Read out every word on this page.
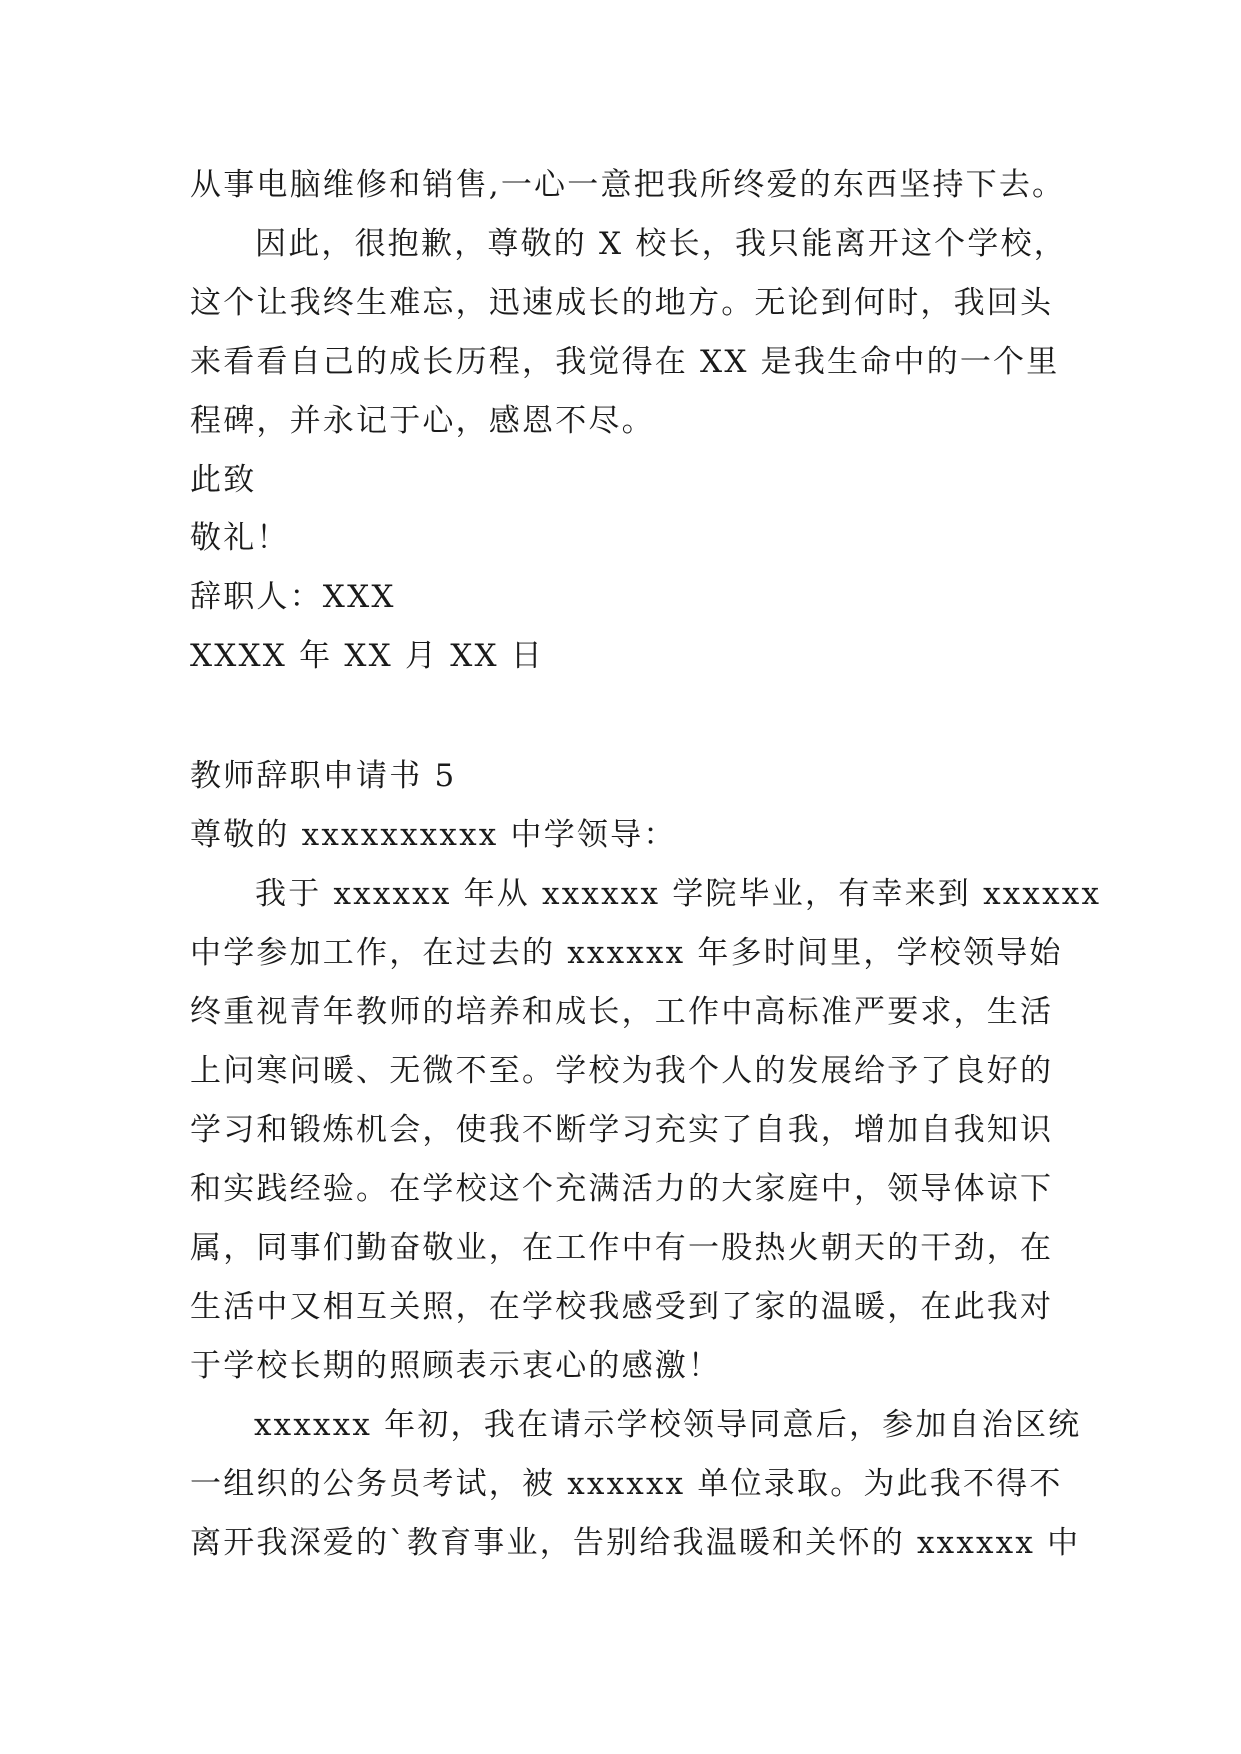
从事电脑维修和销售,一心一意把我所终爱的东西坚持下去。

因此，很抱歉，尊敬的 X 校长，我只能离开这个学校，

这个让我终生难忘，迅速成长的地方。无论到何时，我回头

来看看自己的成长历程，我觉得在 XX 是我生命中的一个里

程碑，并永记于心，感恩不尽。

此致

敬礼！

辞职人：XXX

XXXX 年 XX 月 XX 日

教师辞职申请书 5

尊敬的 xxxxxxxxxx 中学领导：

我于 xxxxxx 年从 xxxxxx 学院毕业，有幸来到 xxxxxx

中学参加工作，在过去的 xxxxxx 年多时间里，学校领导始

终重视青年教师的培养和成长，工作中高标准严要求，生活

上问寒问暖、无微不至。学校为我个人的发展给予了良好的

学习和锻炼机会，使我不断学习充实了自我，增加自我知识

和实践经验。在学校这个充满活力的大家庭中，领导体谅下

属，同事们勤奋敬业，在工作中有一股热火朝天的干劲，在

生活中又相互关照，在学校我感受到了家的温暖，在此我对

于学校长期的照顾表示衷心的感激！

xxxxxx 年初，我在请示学校领导同意后，参加自治区统

一组织的公务员考试，被 xxxxxx 单位录取。为此我不得不

离开我深爱的`教育事业，告别给我温暖和关怀的 xxxxxx 中
